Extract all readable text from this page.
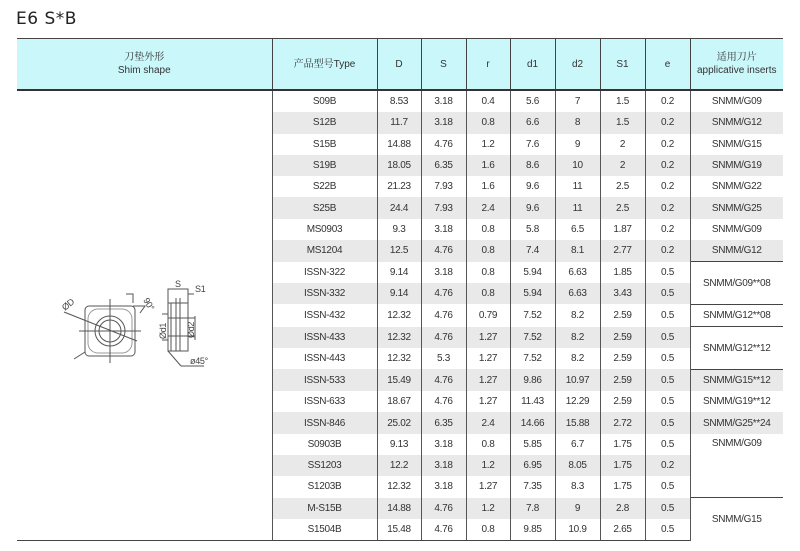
E6 S*B
刀垫外形
Shim shape	产品型号Type	D	S	r	d1	d2	S1	e	适用刀片
applicative inserts

ØD	90°
S S1
Ød1 Ød2
ø45°
	S09B	8.53	3.18	0.4	5.6	7	1.5	0.2	SNMM/G09
	S12B	11.7	3.18	0.8	6.6	8	1.5	0.2	SNMM/G12
	S15B	14.88	4.76	1.2	7.6	9	2	0.2	SNMM/G15
	S19B	18.05	6.35	1.6	8.6	10	2	0.2	SNMM/G19
	S22B	21.23	7.93	1.6	9.6	11	2.5	0.2	SNMM/G22
	S25B	24.4	7.93	2.4	9.6	11	2.5	0.2	SNMM/G25
	MS0903	9.3	3.18	0.8	5.8	6.5	1.87	0.2	SNMM/G09
	MS1204	12.5	4.76	0.8	7.4	8.1	2.77	0.2	SNMM/G12
	ISSN-322	9.14	3.18	0.8	5.94	6.63	1.85	0.5	SNMM/G09**08
	ISSN-332	9.14	4.76	0.8	5.94	6.63	3.43	0.5	
	ISSN-432	12.32	4.76	0.79	7.52	8.2	2.59	0.5	SNMM/G12**08
	ISSN-433	12.32	4.76	1.27	7.52	8.2	2.59	0.5	SNMM/G12**12
	ISSN-443	12.32	5.3	1.27	7.52	8.2	2.59	0.5	
	ISSN-533	15.49	4.76	1.27	9.86	10.97	2.59	0.5	SNMM/G15**12
	ISSN-633	18.67	4.76	1.27	11.43	12.29	2.59	0.5	SNMM/G19**12
	ISSN-846	25.02	6.35	2.4	14.66	15.88	2.72	0.5	SNMM/G25**24
	S0903B	9.13	3.18	0.8	5.85	6.7	1.75	0.5	SNMM/G09
	SS1203	12.2	3.18	1.2	6.95	8.05	1.75	0.2	
	S1203B	12.32	3.18	1.27	7.35	8.3	1.75	0.5	
	M-S15B	14.88	4.76	1.2	7.8	9	2.8	0.5	SNMM/G15
	S1504B	15.48	4.76	0.8	9.85	10.9	2.65	0.5	
